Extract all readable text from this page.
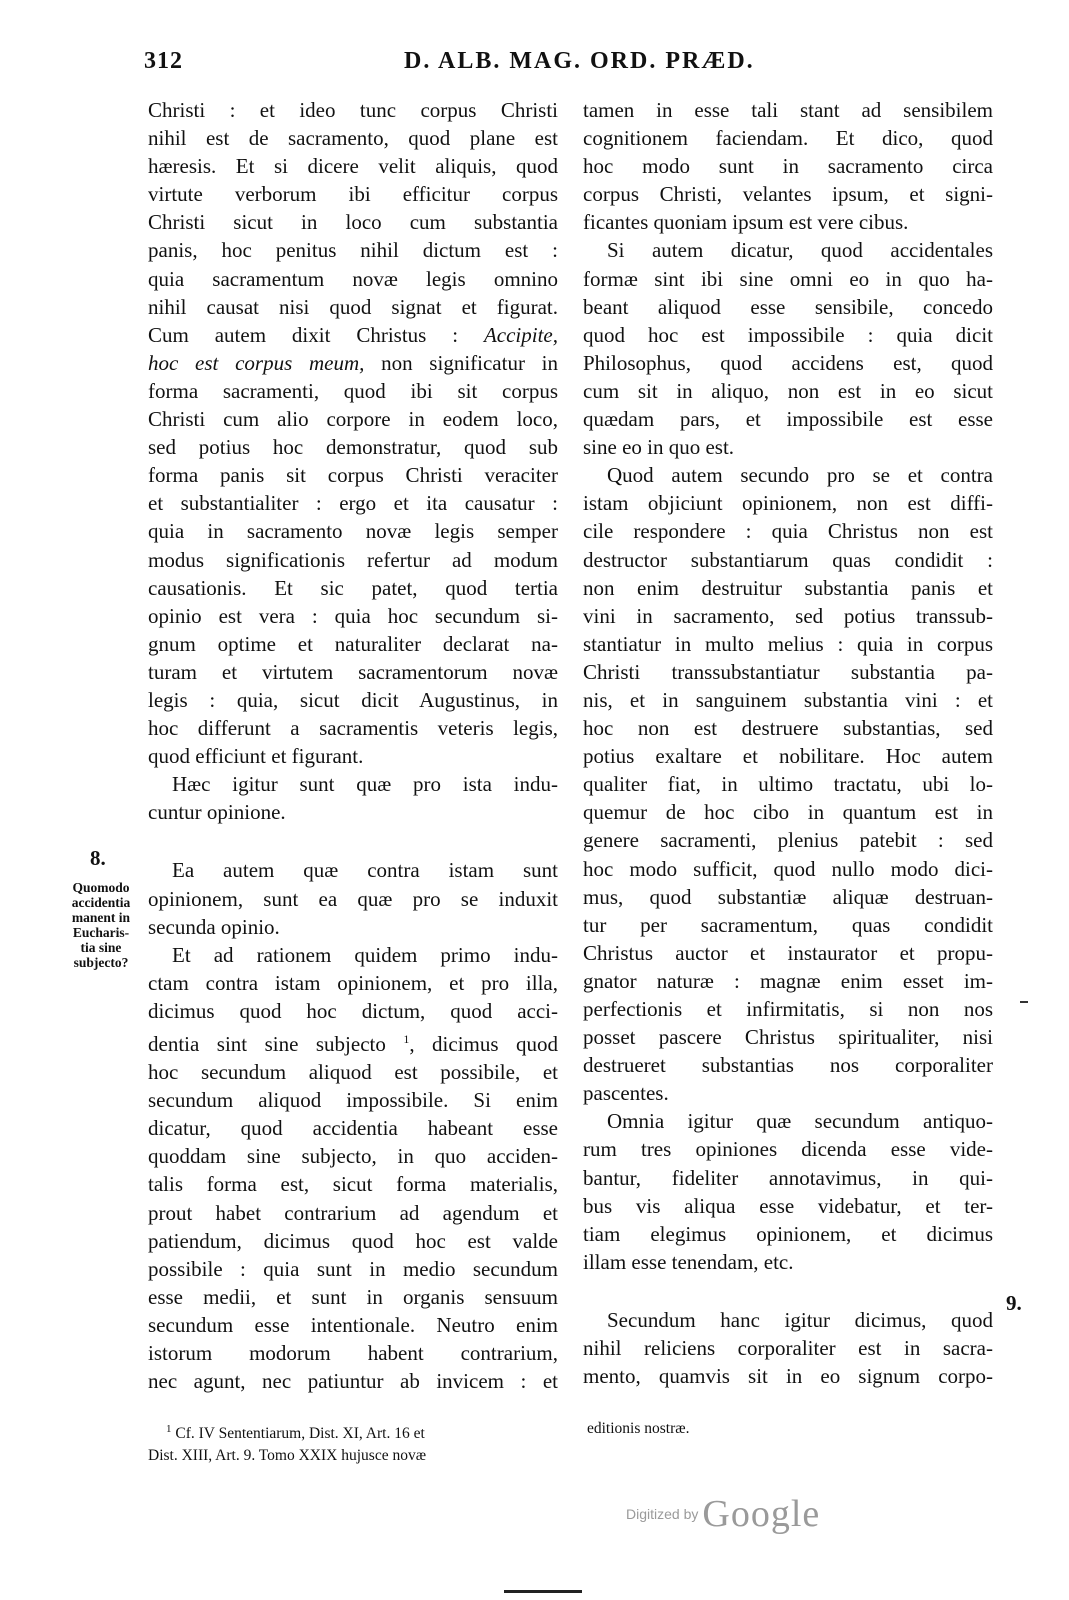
312	D. ALB. MAG. ORD. PRÆD.
Christi : et ideo tunc corpus Christi
nihil est de sacramento, quod plane est
hæresis. Et si dicere velit aliquis, quod
virtute verborum ibi efficitur corpus
Christi sicut in loco cum substantia
panis, hoc penitus nihil dictum est :
quia sacramentum novæ legis omnino
nihil causat nisi quod signat et figurat.
Cum autem dixit Christus : Accipite,
hoc est corpus meum, non significatur in
forma sacramenti, quod ibi sit corpus
Christi cum alio corpore in eodem loco,
sed potius hoc demonstratur, quod sub
forma panis sit corpus Christi veraciter
et substantialiter : ergo et ita causatur :
quia in sacramento novæ legis semper
modus significationis refertur ad modum
causationis. Et sic patet, quod tertia
opinio est vera : quia hoc secundum si-
gnum optime et naturaliter declarat na-
turam et virtutem sacramentorum novæ
legis : quia, sicut dicit Augustinus, in
hoc differunt a sacramentis veteris legis,
quod efficiunt et figurant.
Hæc igitur sunt quæ pro ista indu-
cuntur opinione.
Ea autem quæ contra istam sunt
opinionem, sunt ea quæ pro se induxit
secunda opinio.
Et ad rationem quidem primo indu-
ctam contra istam opinionem, et pro illa,
dicimus quod hoc dictum, quod acci-
dentia sint sine subjecto $^1$, dicimus quod
hoc secundum aliquod est possibile, et
secundum aliquod impossibile. Si enim
dicatur, quod accidentia habeant esse
quoddam sine subjecto, in quo acciden-
talis forma est, sicut forma materialis,
prout habet contrarium ad agendum et
patiendum, dicimus quod hoc est valde
possibile : quia sunt in medio secundum
esse medii, et sunt in organis sensuum
secundum esse intentionale. Neutro enim
istorum modorum habent contrarium,
nec agunt, nec patiuntur ab invicem : et
tamen in esse tali stant ad sensibilem
cognitionem faciendam. Et dico, quod
hoc modo sunt in sacramento circa
corpus Christi, velantes ipsum, et signi-
ficantes quoniam ipsum est vere cibus.
Si autem dicatur, quod accidentales
formæ sint ibi sine omni eo in quo ha-
beant aliquod esse sensibile, concedo
quod hoc est impossibile : quia dicit
Philosophus, quod accidens est, quod
cum sit in aliquo, non est in eo sicut
quædam pars, et impossibile est esse
sine eo in quo est.
Quod autem secundo pro se et contra
istam objiciunt opinionem, non est diffi-
cile respondere : quia Christus non est
destructor substantiarum quas condidit :
non enim destruitur substantia panis et
vini in sacramento, sed potius transsub-
stantiatur in multo melius : quia in corpus
Christi transsubstantiatur substantia pa-
nis, et in sanguinem substantia vini : et
hoc non est destruere substantias, sed
potius exaltare et nobilitare. Hoc autem
qualiter fiat, in ultimo tractatu, ubi lo-
quemur de hoc cibo in quantum est in
genere sacramenti, plenius patebit : sed
hoc modo sufficit, quod nullo modo dici-
mus, quod substantiæ aliquæ destruan-
tur per sacramentum, quas condidit
Christus auctor et instaurator et propu-
gnator naturæ : magnæ enim esset im-
perfectionis et infirmitatis, si non nos
posset pascere Christus spiritualiter, nisi
destrueret substantias nos corporaliter
pascentes.
Omnia igitur quæ secundum antiquo-
rum tres opiniones dicenda esse vide-
bantur, fideliter annotavimus, in qui-
bus vis aliqua esse videbatur, et ter-
tiam elegimus opinionem, et dicimus
illam esse tenendam, etc.
Secundum hanc igitur dicimus, quod
nihil reliciens corporaliter est in sacra-
mento, quamvis sit in eo signum corpo-
8.
9.
Quomodo
accidentia
manent in
Eucharis-
tia sine
subjecto?
$^1$ Cf. IV Sententiarum, Dist. XI, Art. 16 et
Dist. XIII, Art. 9. Tomo XXIX hujusce novæ
editionis nostræ.
Digitized by Google
